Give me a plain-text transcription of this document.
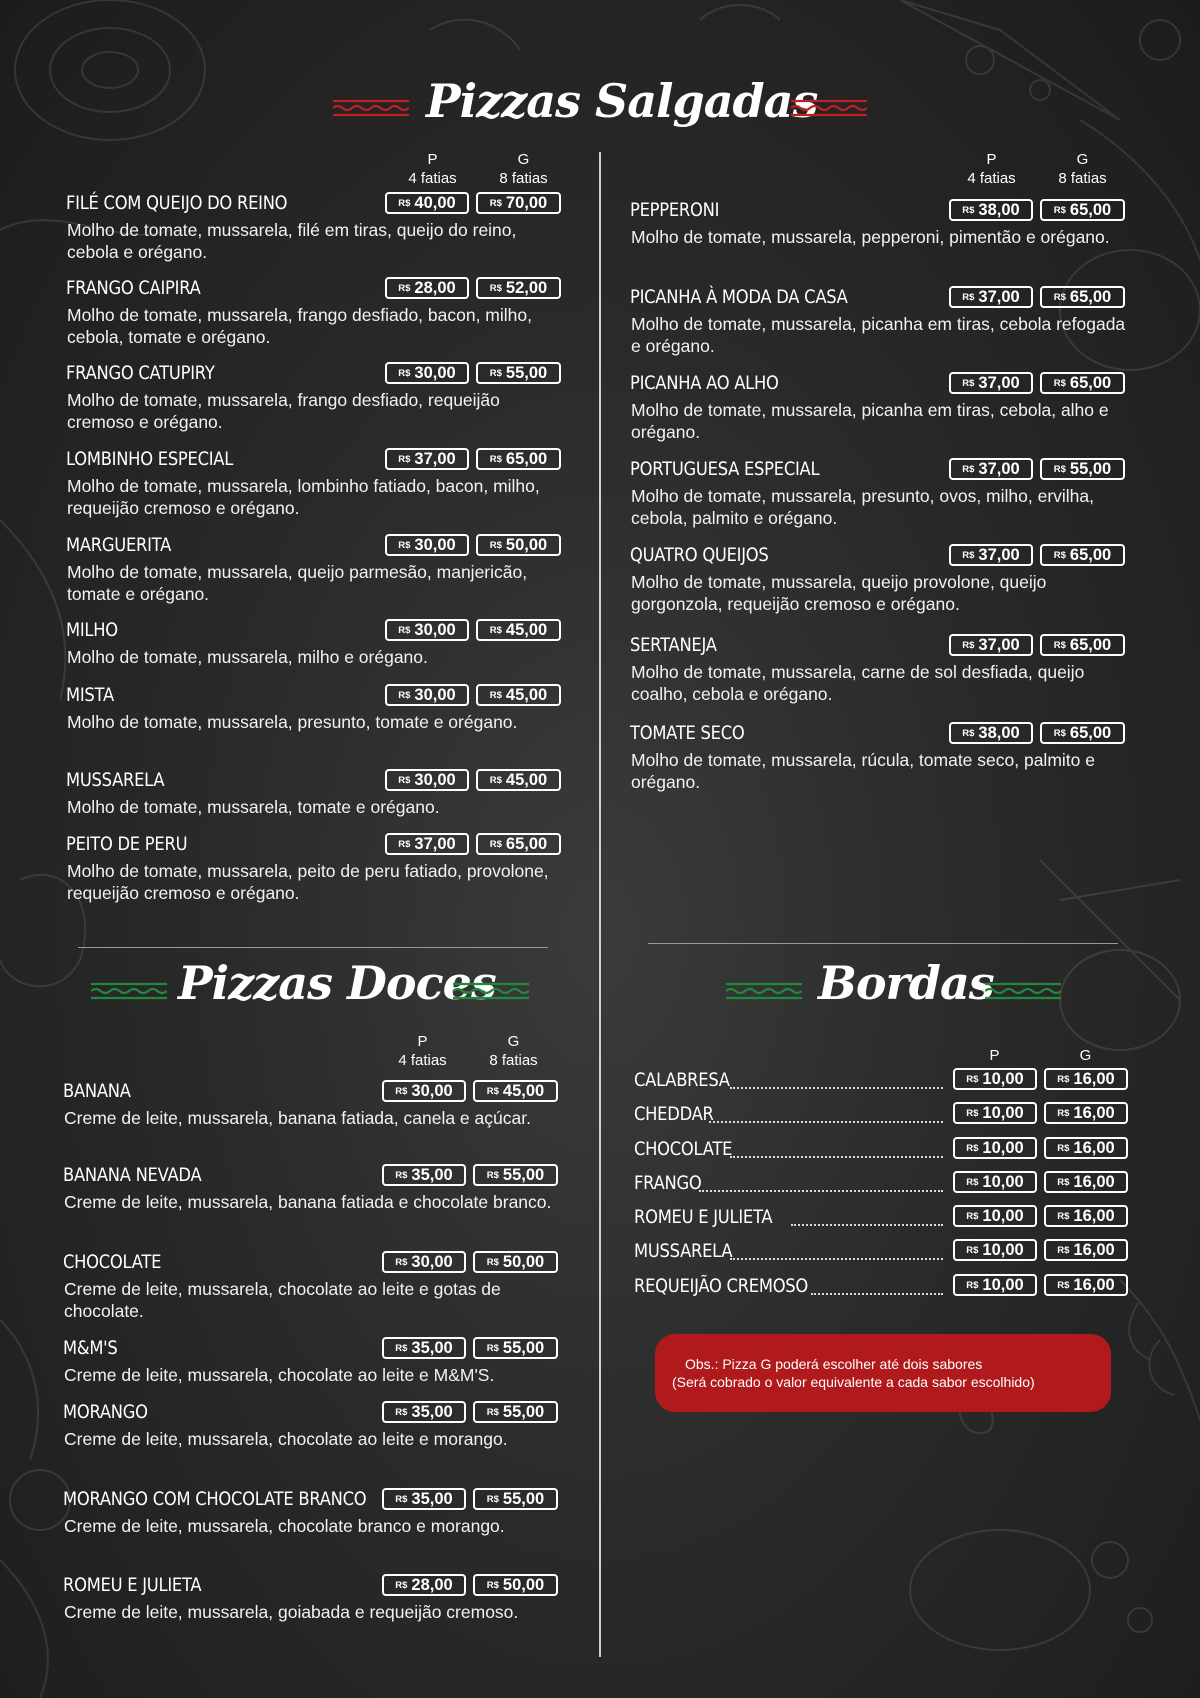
Pizzas Salgadas
P
4 fatias
G
8 fatias
P
4 fatias
G
8 fatias
FILÉ COM QUEIJO DO REINO
Molho de tomate, mussarela, filé em tiras, queijo do reino, cebola e orégano.
R$ 40,00	R$ 70,00
FRANGO CAIPIRA
Molho de tomate, mussarela, frango desfiado, bacon, milho, cebola, tomate e orégano.
R$ 28,00	R$ 52,00
FRANGO CATUPIRY
Molho de tomate, mussarela, frango desfiado, requeijão cremoso e orégano.
R$ 30,00	R$ 55,00
LOMBINHO ESPECIAL
Molho de tomate, mussarela, lombinho fatiado, bacon, milho, requeijão cremoso e orégano.
R$ 37,00	R$ 65,00
MARGUERITA
Molho de tomate, mussarela, queijo parmesão, manjericão, tomate e orégano.
R$ 30,00	R$ 50,00
MILHO
Molho de tomate, mussarela, milho e orégano.
R$ 30,00	R$ 45,00
MISTA
Molho de tomate, mussarela, presunto, tomate e orégano.
R$ 30,00	R$ 45,00
MUSSARELA
Molho de tomate, mussarela, tomate e orégano.
R$ 30,00	R$ 45,00
PEITO DE PERU
Molho de tomate, mussarela, peito de peru fatiado, provolone, requeijão cremoso e orégano.
R$ 37,00	R$ 65,00
PEPPERONI
Molho de tomate, mussarela, pepperoni, pimentão e orégano.
R$ 38,00	R$ 65,00
PICANHA À MODA DA CASA
Molho de tomate, mussarela, picanha em tiras, cebola refogada e orégano.
R$ 37,00	R$ 65,00
PICANHA AO ALHO
Molho de tomate, mussarela, picanha em tiras, cebola, alho e orégano.
R$ 37,00	R$ 65,00
PORTUGUESA ESPECIAL
Molho de tomate, mussarela, presunto, ovos, milho, ervilha, cebola, palmito e orégano.
R$ 37,00	R$ 55,00
QUATRO QUEIJOS
Molho de tomate, mussarela, queijo provolone, queijo gorgonzola, requeijão cremoso e orégano.
R$ 37,00	R$ 65,00
SERTANEJA
Molho de tomate, mussarela, carne de sol desfiada, queijo coalho, cebola e orégano.
R$ 37,00	R$ 65,00
TOMATE SECO
Molho de tomate, mussarela, rúcula, tomate seco, palmito e orégano.
R$ 38,00	R$ 65,00
Pizzas Doces
P
4 fatias
G
8 fatias
BANANA
Creme de leite, mussarela, banana fatiada, canela e açúcar.
R$ 30,00	R$ 45,00
BANANA NEVADA
Creme de leite, mussarela, banana fatiada e chocolate branco.
R$ 35,00	R$ 55,00
CHOCOLATE
Creme de leite, mussarela, chocolate ao leite e gotas de chocolate.
R$ 30,00	R$ 50,00
M&M'S
Creme de leite, mussarela, chocolate ao leite e M&M'S.
R$ 35,00	R$ 55,00
MORANGO
Creme de leite, mussarela, chocolate ao leite e morango.
R$ 35,00	R$ 55,00
MORANGO COM CHOCOLATE BRANCO
Creme de leite, mussarela, chocolate branco e morango.
R$ 35,00	R$ 55,00
ROMEU E JULIETA
Creme de leite, mussarela, goiabada e requeijão cremoso.
R$ 28,00	R$ 50,00
Bordas
P	G
CALABRESA	R$ 10,00	R$ 16,00
CHEDDAR	R$ 10,00	R$ 16,00
CHOCOLATE	R$ 10,00	R$ 16,00
FRANGO	R$ 10,00	R$ 16,00
ROMEU E JULIETA	R$ 10,00	R$ 16,00
MUSSARELA	R$ 10,00	R$ 16,00
REQUEIJÃO CREMOSO	R$ 10,00	R$ 16,00
Obs.: Pizza G poderá escolher até dois sabores
(Será cobrado o valor equivalente a cada sabor escolhido)
